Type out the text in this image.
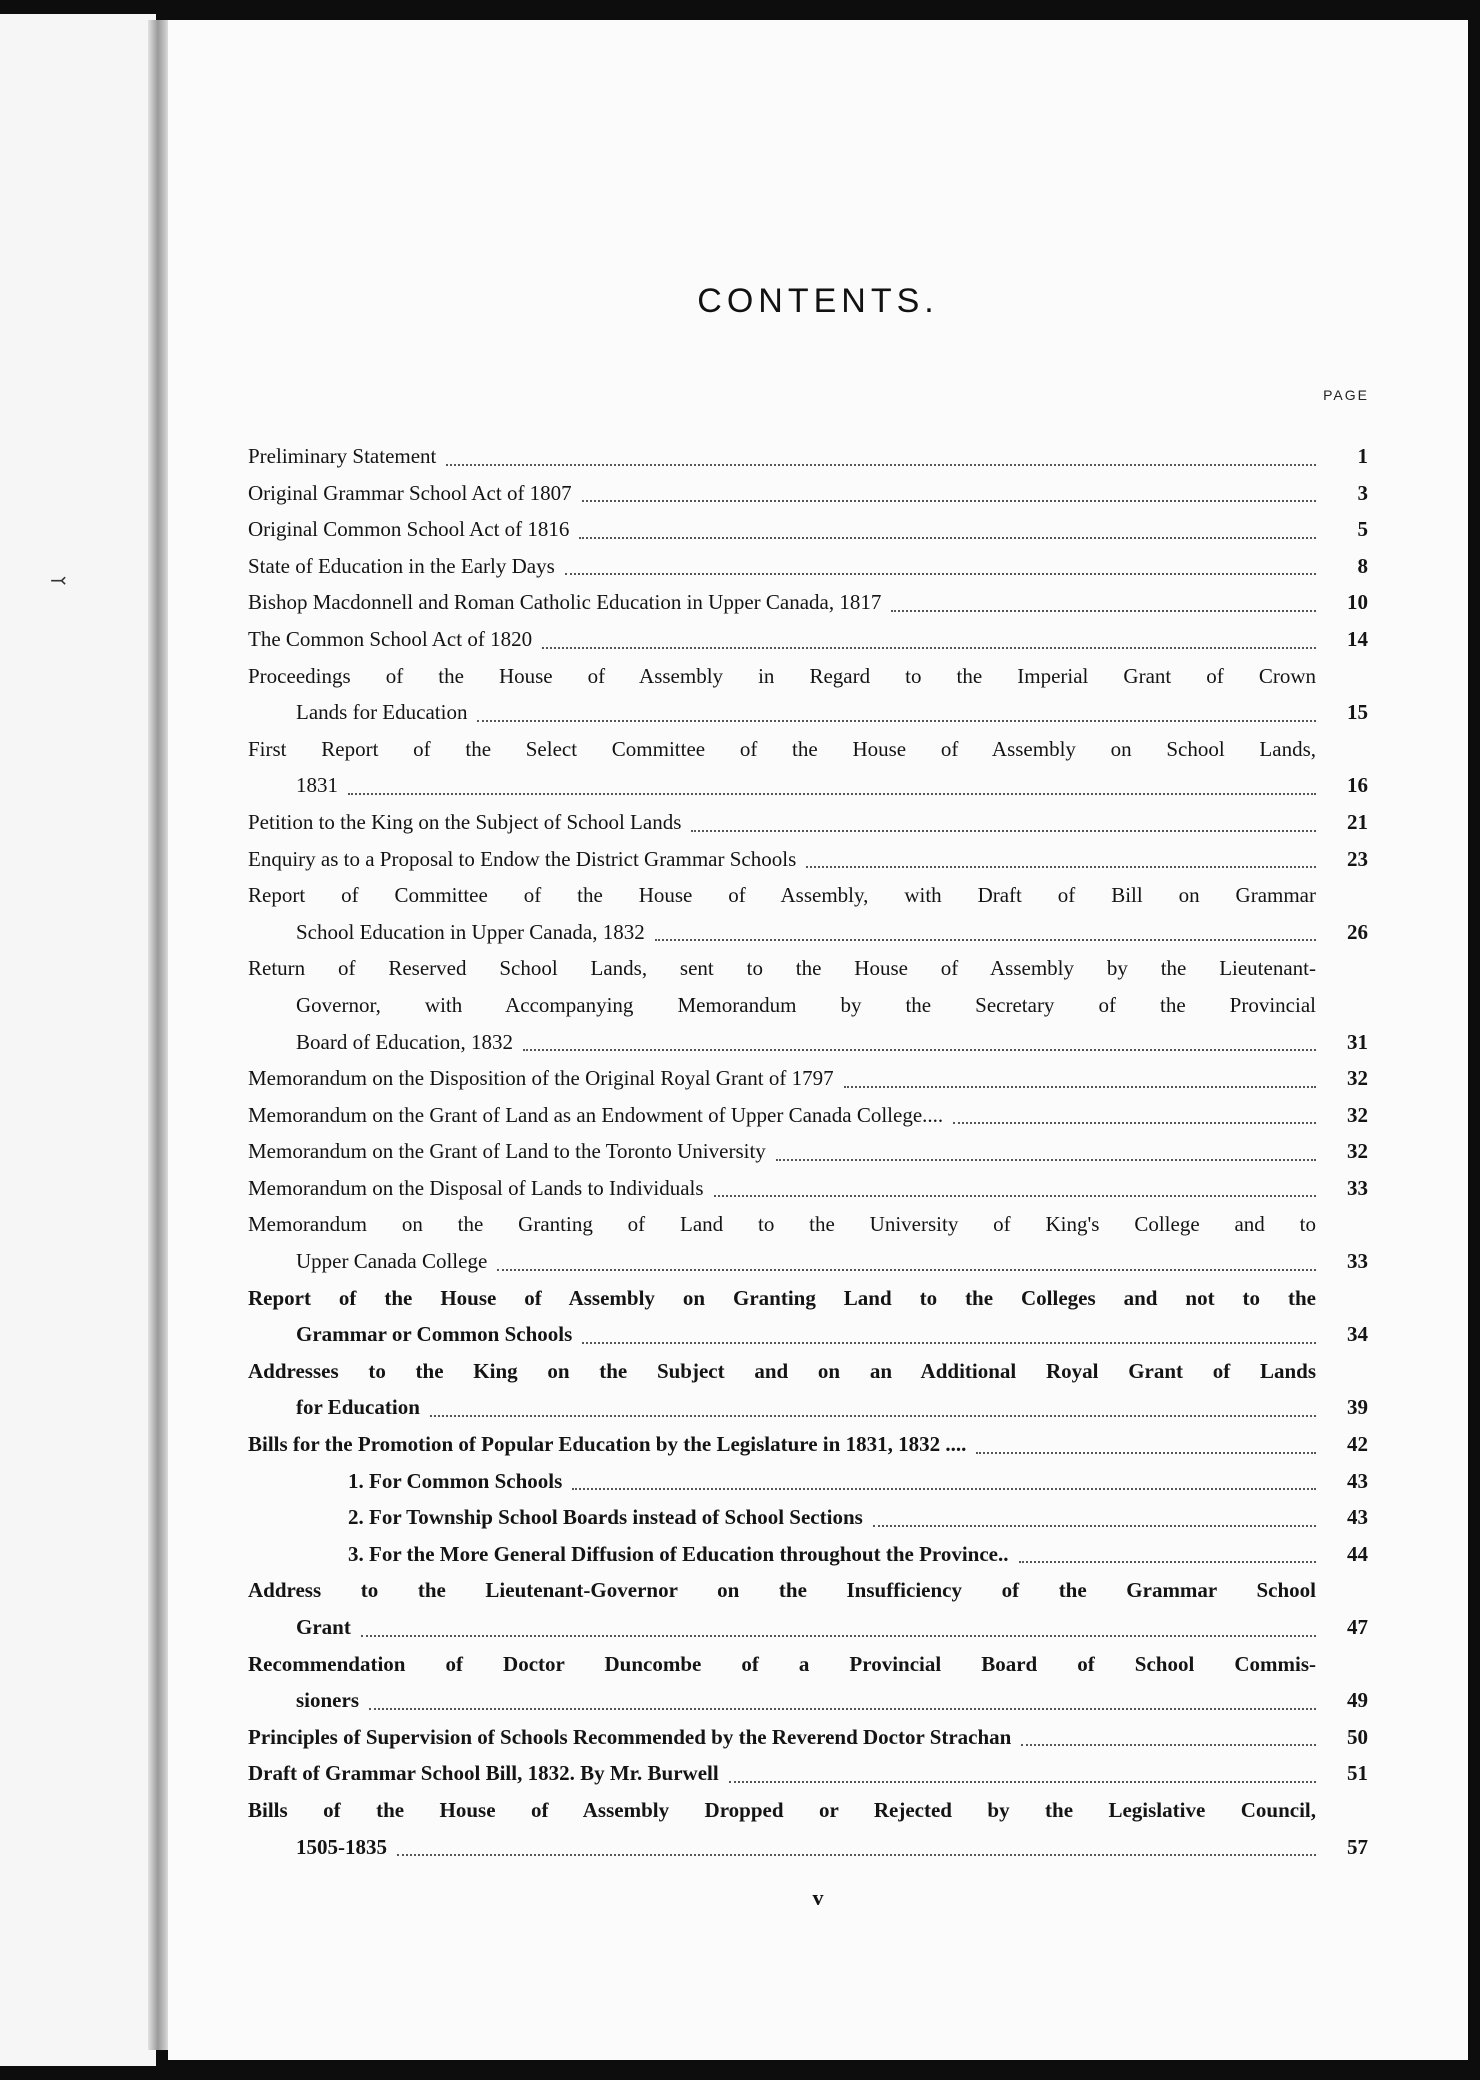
⤙
CONTENTS.
PAGE
Preliminary Statement	1
Original Grammar School Act of 1807	3
Original Common School Act of 1816	5
State of Education in the Early Days	8
Bishop Macdonnell and Roman Catholic Education in Upper Canada, 1817	10
The Common School Act of 1820	14
Proceedings of the House of Assembly in Regard to the Imperial Grant of Crown
Lands for Education	15
First Report of the Select Committee of the House of Assembly on School Lands,
1831	16
Petition to the King on the Subject of School Lands	21
Enquiry as to a Proposal to Endow the District Grammar Schools	23
Report of Committee of the House of Assembly, with Draft of Bill on Grammar
School Education in Upper Canada, 1832	26
Return of Reserved School Lands, sent to the House of Assembly by the Lieutenant-
Governor, with Accompanying Memorandum by the Secretary of the Provincial
Board of Education, 1832	31
Memorandum on the Disposition of the Original Royal Grant of 1797	32
Memorandum on the Grant of Land as an Endowment of Upper Canada College....	32
Memorandum on the Grant of Land to the Toronto University	32
Memorandum on the Disposal of Lands to Individuals	33
Memorandum on the Granting of Land to the University of King's College and to
Upper Canada College	33
Report of the House of Assembly on Granting Land to the Colleges and not to the
Grammar or Common Schools	34
Addresses to the King on the Subject and on an Additional Royal Grant of Lands
for Education	39
Bills for the Promotion of Popular Education by the Legislature in 1831, 1832 ....	42
1. For Common Schools	43
2. For Township School Boards instead of School Sections	43
3. For the More General Diffusion of Education throughout the Province..	44
Address to the Lieutenant-Governor on the Insufficiency of the Grammar School
Grant	47
Recommendation of Doctor Duncombe of a Provincial Board of School Commis-
sioners	49
Principles of Supervision of Schools Recommended by the Reverend Doctor Strachan	50
Draft of Grammar School Bill, 1832. By Mr. Burwell	51
Bills of the House of Assembly Dropped or Rejected by the Legislative Council,
1505-1835	57
v
